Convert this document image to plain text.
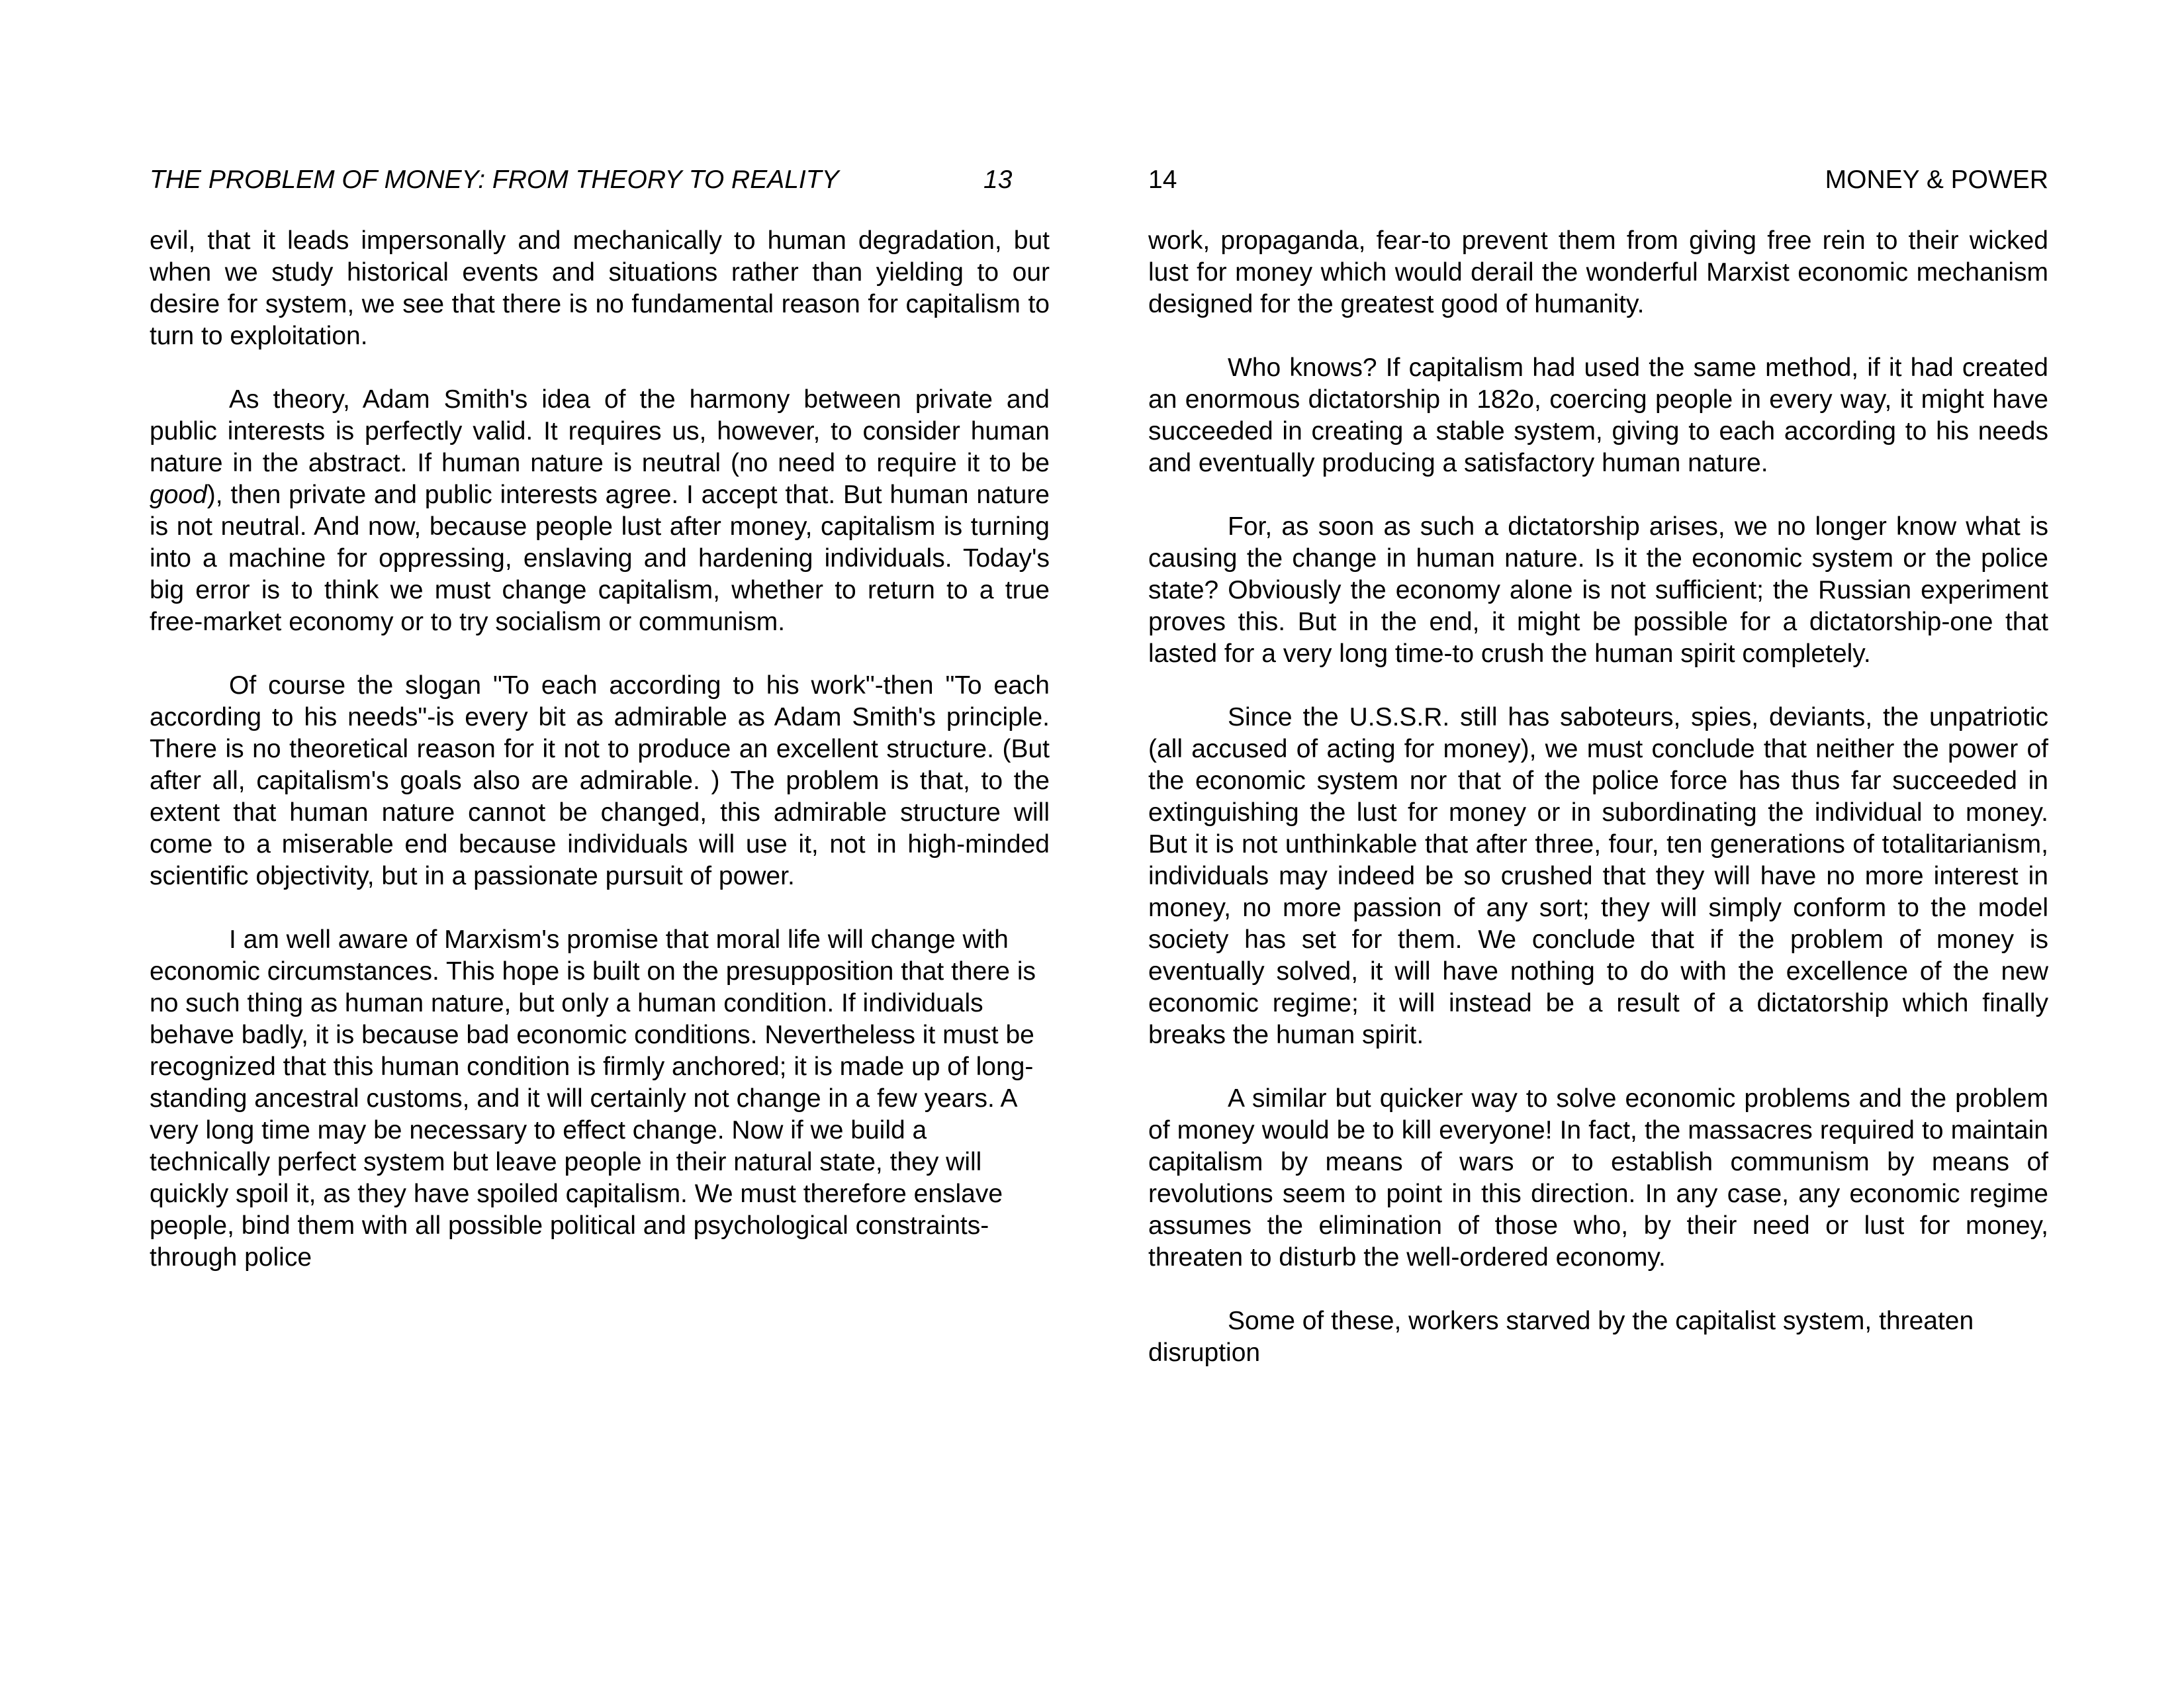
THE PROBLEM OF MONEY: FROM THEORY TO REALITY	13

evil, that it leads impersonally and mechanically to human degradation, but when we study historical events and situations rather than yielding to our desire for system, we see that there is no fundamental reason for capitalism to turn to exploitation.

As theory, Adam Smith's idea of the harmony between private and public interests is perfectly valid. It requires us, however, to consider human nature in the abstract. If human nature is neutral (no need to require it to be good), then private and public interests agree. I accept that. But human nature is not neutral. And now, because people lust after money, capitalism is turning into a machine for oppressing, enslaving and hardening individuals. Today's big error is to think we must change capitalism, whether to return to a true free-market economy or to try socialism or communism.

Of course the slogan "To each according to his work"-then "To each according to his needs"-is every bit as admirable as Adam Smith's principle. There is no theoretical reason for it not to produce an excellent structure. (But after all, capitalism's goals also are admirable. ) The problem is that, to the extent that human nature cannot be changed, this admirable structure will come to a miserable end because individuals will use it, not in high-minded scientific objectivity, but in a passionate pursuit of power.

I am well aware of Marxism's promise that moral life will change with economic circumstances. This hope is built on the presupposition that there is no such thing as human nature, but only a human condition. If individuals behave badly, it is because bad economic conditions. Nevertheless it must be recognized that this human condition is firmly anchored; it is made up of long-standing ancestral customs, and it will certainly not change in a few years. A very long time may be necessary to effect change. Now if we build a technically perfect system but leave people in their natural state, they will quickly spoil it, as they have spoiled capitalism. We must therefore enslave people, bind them with all possible political and psychological constraints-through police

14	MONEY & POWER

work, propaganda, fear-to prevent them from giving free rein to their wicked lust for money which would derail the wonderful Marxist economic mechanism designed for the greatest good of humanity.

Who knows? If capitalism had used the same method, if it had created an enormous dictatorship in 182o, coercing people in every way, it might have succeeded in creating a stable system, giving to each according to his needs and eventually producing a satisfactory human nature.

For, as soon as such a dictatorship arises, we no longer know what is causing the change in human nature. Is it the economic system or the police state? Obviously the economy alone is not sufficient; the Russian experiment proves this. But in the end, it might be possible for a dictatorship-one that lasted for a very long time-to crush the human spirit completely.

Since the U.S.S.R. still has saboteurs, spies, deviants, the unpatriotic (all accused of acting for money), we must conclude that neither the power of the economic system nor that of the police force has thus far succeeded in extinguishing the lust for money or in subordinating the individual to money. But it is not unthinkable that after three, four, ten generations of totalitarianism, individuals may indeed be so crushed that they will have no more interest in money, no more passion of any sort; they will simply conform to the model society has set for them. We conclude that if the problem of money is eventually solved, it will have nothing to do with the excellence of the new economic regime; it will instead be a result of a dictatorship which finally breaks the human spirit.

A similar but quicker way to solve economic problems and the problem of money would be to kill everyone! In fact, the massacres required to maintain capitalism by means of wars or to establish communism by means of revolutions seem to point in this direction. In any case, any economic regime assumes the elimination of those who, by their need or lust for money, threaten to disturb the well-ordered economy.

Some of these, workers starved by the capitalist system, threaten disruption
